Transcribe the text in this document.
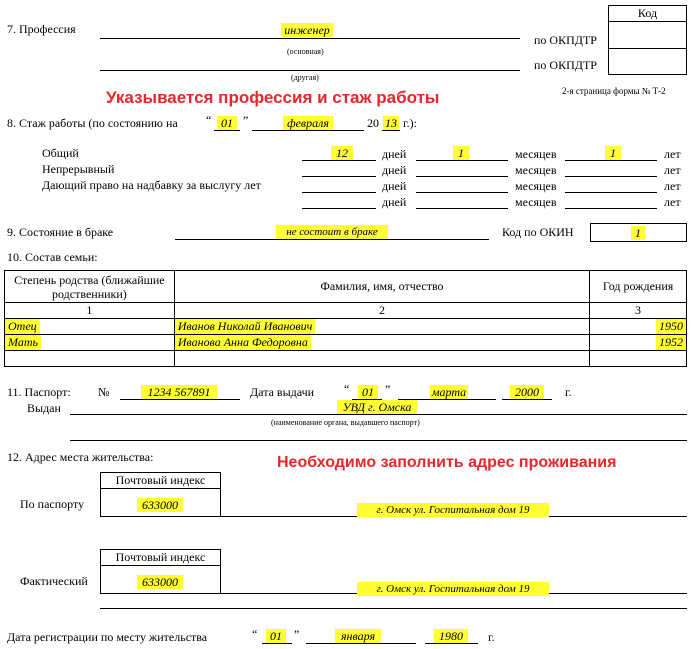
Код
7. Профессия	инженер
(основная)
(другая)
по ОКПДТР
по ОКПДТР
Указывается профессия и стаж работы	2-я страница формы № Т-2
8. Стаж работы (по состоянию на “ 01 ”	февраля	20 13 г.):
Общий	12	дней	1	месяцев	1	лет
Непрерывный	дней	месяцев	лет
Дающий право на надбавку за выслугу лет	дней	месяцев	лет
дней	месяцев	лет
9. Состояние в браке	не состоит в браке	Код по ОКИН	1
10. Состав семьи:
Степень родства (ближайшие родственники)	Фамилия, имя, отчество	Год рождения
1	2	3
Отец	Иванов Николай Иванович	1950
Мать	Иванова Анна Федоровна	1952

11. Паспорт: №	1234 567891	Дата выдачи “	01 ”	марта	2000	г.
Выдан	УВД г. Омска
(наименование органа, выдавшего паспорт)
12. Адрес места жительства:	Необходимо заполнить адрес проживания
По паспорту
Почтовый индекс
633000	г. Омск ул. Госпитальная дом 19
Фактический
Почтовый индекс
633000	г. Омск ул. Госпитальная дом 19
Дата регистрации по месту жительства	“	01	”	января	1980	г.
